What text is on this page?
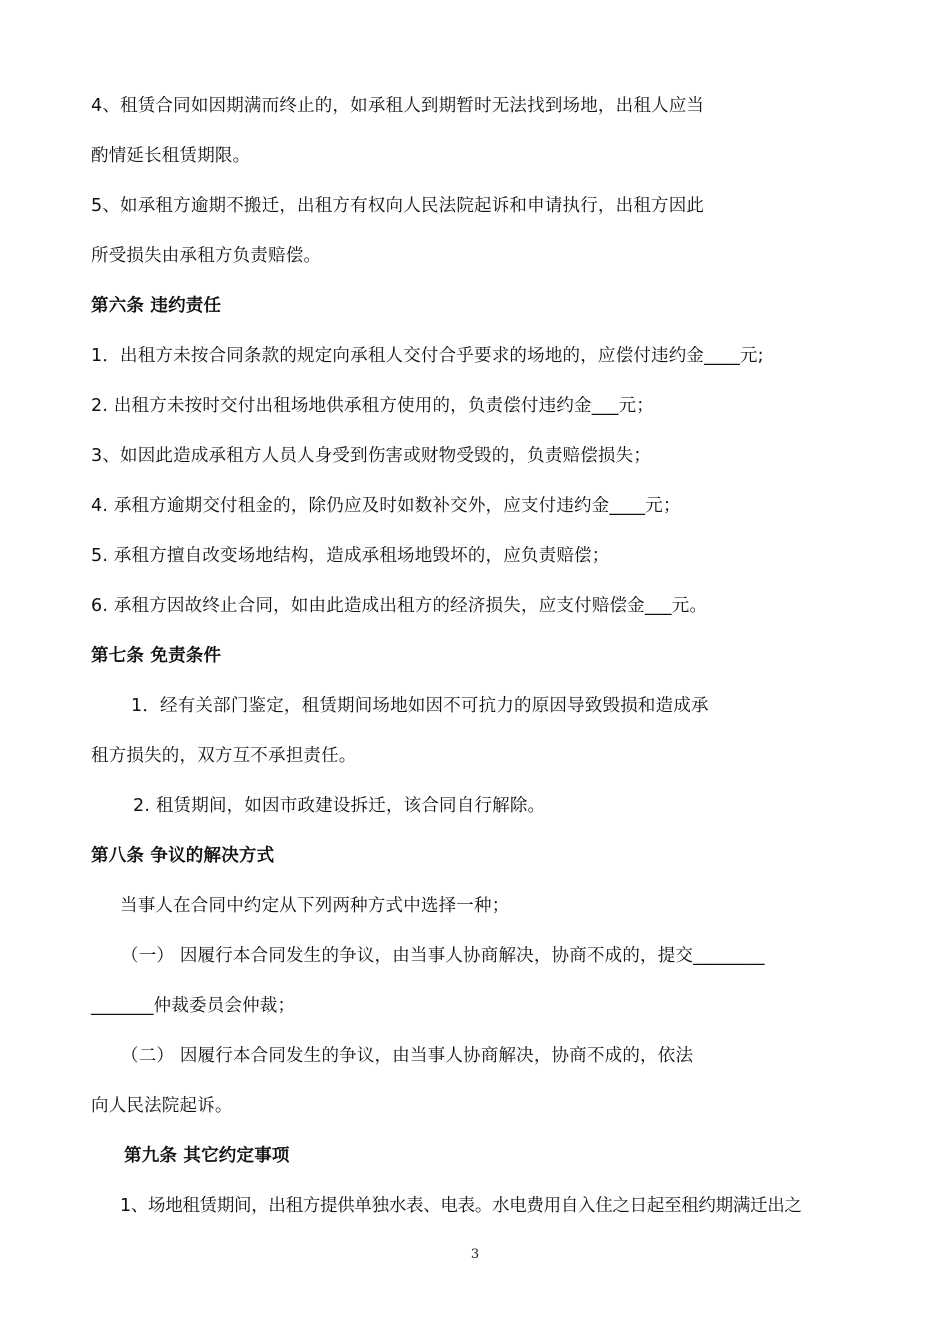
4、租赁合同如因期满而终止的，如承租人到期暂时无法找到场地，出租人应当
酌情延长租赁期限。
5、如承租方逾期不搬迁，出租方有权向人民法院起诉和申请执行，出租方因此
所受损失由承租方负责赔偿。
第六条 违约责任
1．出租方未按合同条款的规定向承租人交付合乎要求的场地的，应偿付违约金____元;
2. 出租方未按时交付出租场地供承租方使用的，负责偿付违约金___元；
3、如因此造成承租方人员人身受到伤害或财物受毁的，负责赔偿损失；
4. 承租方逾期交付租金的，除仍应及时如数补交外，应支付违约金____元；
5. 承租方擅自改变场地结构，造成承租场地毁坏的，应负责赔偿；
6. 承租方因故终止合同，如由此造成出租方的经济损失，应支付赔偿金___元。
第七条 免责条件
1．经有关部门鉴定，租赁期间场地如因不可抗力的原因导致毁损和造成承
租方损失的，双方互不承担责任。
2. 租赁期间，如因市政建设拆迁，该合同自行解除。
第八条 争议的解决方式
当事人在合同中约定从下列两种方式中选择一种；
（一） 因履行本合同发生的争议，由当事人协商解决，协商不成的，提交________
_______仲裁委员会仲裁；
（二） 因履行本合同发生的争议，由当事人协商解决，协商不成的，依法
向人民法院起诉。
第九条 其它约定事项
1、场地租赁期间，出租方提供单独水表、电表。水电费用自入住之日起至租约期满迁出之
3
